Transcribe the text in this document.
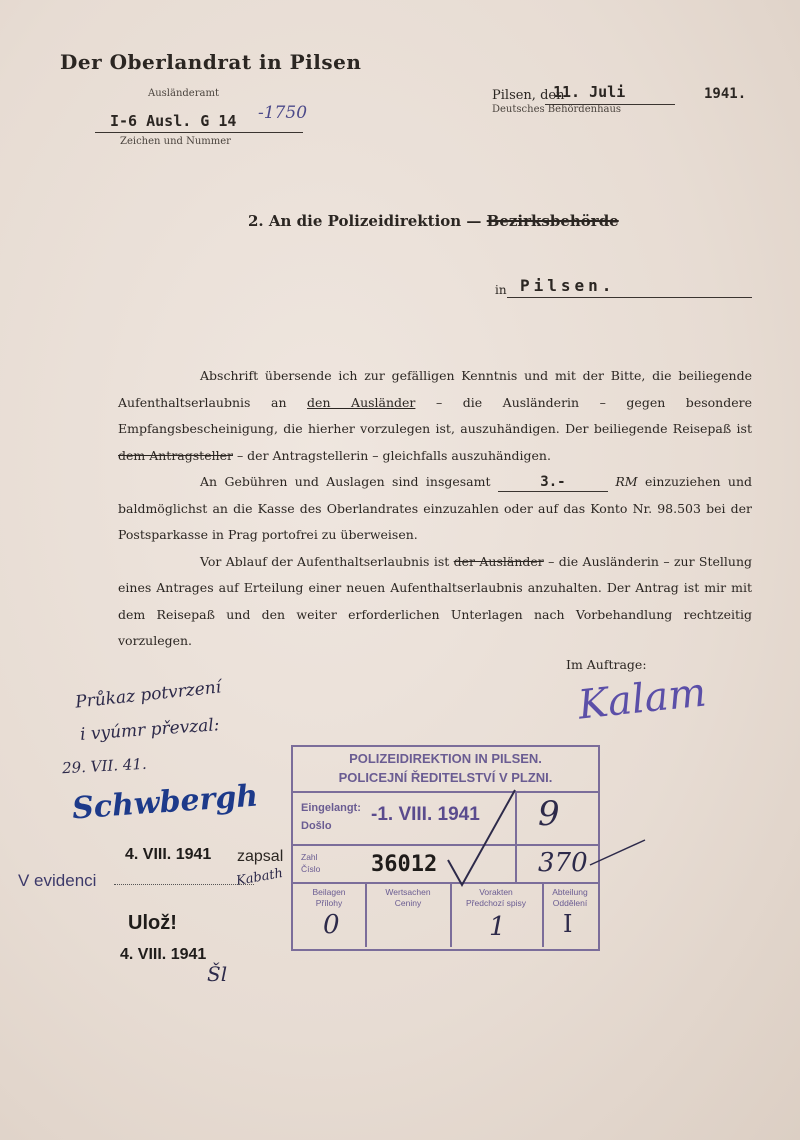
Der Oberlandrat in Pilsen
Ausländeramt
I-6 Ausl. G 14 -1750
Zeichen und Nummer
Pilsen, den
11. Juli	1941.
Deutsches Behördenhaus
2. An die Polizeidirektion — Bezirksbehörde
in Pilsen.

Abschrift übersende ich zur gefälligen Kenntnis und mit der Bitte, die beiliegende Aufenthaltserlaubnis an den Ausländer – die Ausländerin – gegen besondere Empfangsbescheinigung, die hierher vorzulegen ist, auszuhändigen. Der beiliegende Reisepaß ist dem Antragsteller – der Antragstellerin – gleichfalls auszuhändigen.

An Gebühren und Auslagen sind insgesamt	3.-	RM einzuziehen und baldmöglichst an die Kasse des Oberlandrates einzuzahlen oder auf das Konto Nr. 98.503 bei der Postsparkasse in Prag portofrei zu überweisen.

Vor Ablauf der Aufenthaltserlaubnis ist der Ausländer – die Ausländerin – zur Stellung eines Antrages auf Erteilung einer neuen Aufenthaltserlaubnis anzuhalten. Der Antrag ist mir mit dem Reisepaß und den weiter erforderlichen Unterlagen nach Vorbehandlung rechtzeitig vorzulegen.

Im Auftrage:
Kalam
Průkaz potvrzení
i vyúmr převzal:
29. VII. 41.
Schwbergh
4. VIII. 1941 zapsal
Kabath
V evidenci
Ulož!
4. VIII. 1941
Šl
POLIZEIDIREKTION IN PILSEN.
POLICEJNÍ ŘEDITELSTVÍ V PLZNI.
Eingelangt:
Došlo
-1. VIII. 1941 9
Zahl
Číslo 36012	370
Beilagen
Přílohy
0
Wertsachen
Ceniny
Vorakten
Předchozí spisy
1
Abteilung
Oddělení
I
